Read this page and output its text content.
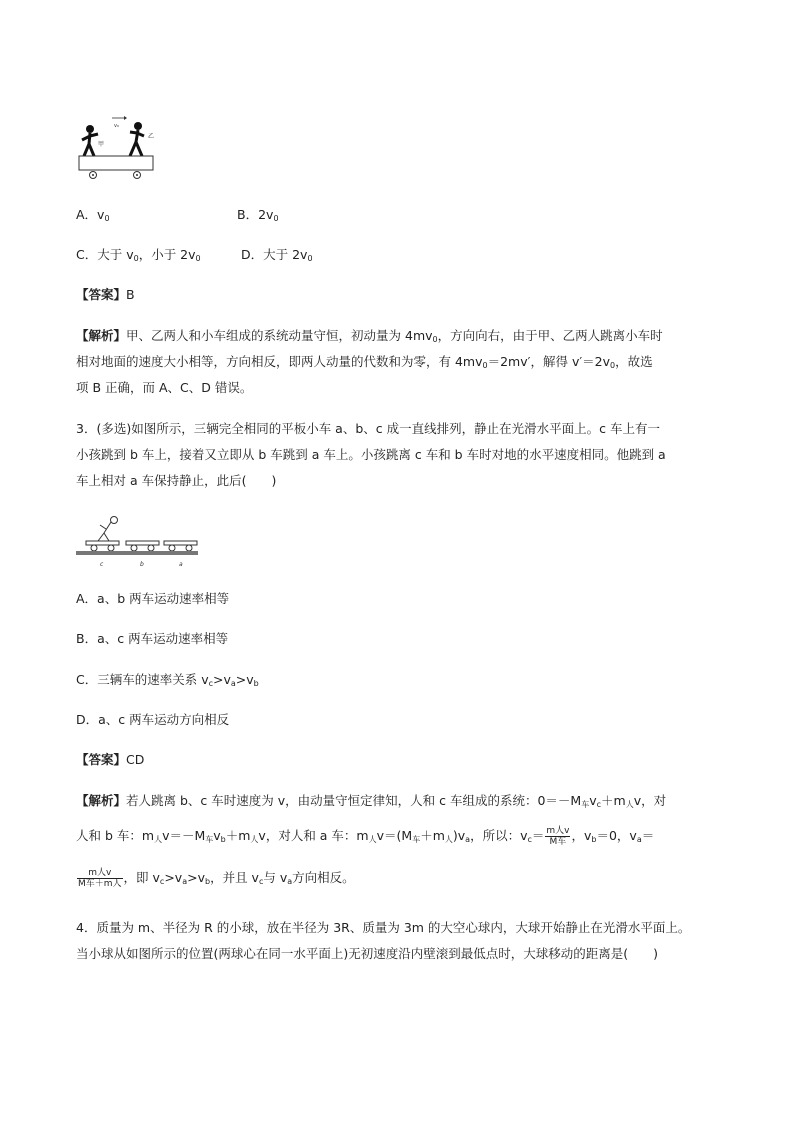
v₀
甲
乙
A．$v_0$	B．$2v_0$
C．大于 $v_0$，小于 $2v_0$	D．大于 $2v_0$
【答案】B
【解析】甲、乙两人和小车组成的系统动量守恒，初动量为 $4mv_0$，方向向右，由于甲、乙两人跳离小车时
相对地面的速度大小相等，方向相反，即两人动量的代数和为零，有 $4mv_0=2mv'$，解得 $v'=2v_0$，故选
项 B 正确，而 A、C、D 错误。
3．(多选)如图所示，三辆完全相同的平板小车 a、b、c 成一直线排列，静止在光滑水平面上。c 车上有一
小孩跳到 b 车上，接着又立即从 b 车跳到 a 车上。小孩跳离 c 车和 b 车时对地的水平速度相同。他跳到 a
车上相对 a 车保持静止，此后(　　)
c	b	a
A．a、b 两车运动速率相等
B．a、c 两车运动速率相等
C．三辆车的速率关系 $v_c>v_a>v_b$
D．a、c 两车运动方向相反
【答案】CD
【解析】若人跳离 b、c 车时速度为 v，由动量守恒定律知，人和 c 车组成的系统：$0=-M_车v_c+m_人v$，对
人和 b 车：$m_人v=-M_车v_b+m_人v$，对人和 a 车：$m_人v=(M_车+m_人)v_a$，所以：$v_c= \frac{\text{m人v}}{\text{M车}}$ ，$v_b=0$，$v_a=$
$\frac{\text{m人v}}{\text{M车＋m人}}$ ，即 $v_c>v_a>v_b$，并且 $v_c$与 $v_a$方向相反。
4．质量为 m、半径为 R 的小球，放在半径为 3R、质量为 3m 的大空心球内，大球开始静止在光滑水平面上。
当小球从如图所示的位置(两球心在同一水平面上)无初速度沿内壁滚到最低点时，大球移动的距离是(　　)
